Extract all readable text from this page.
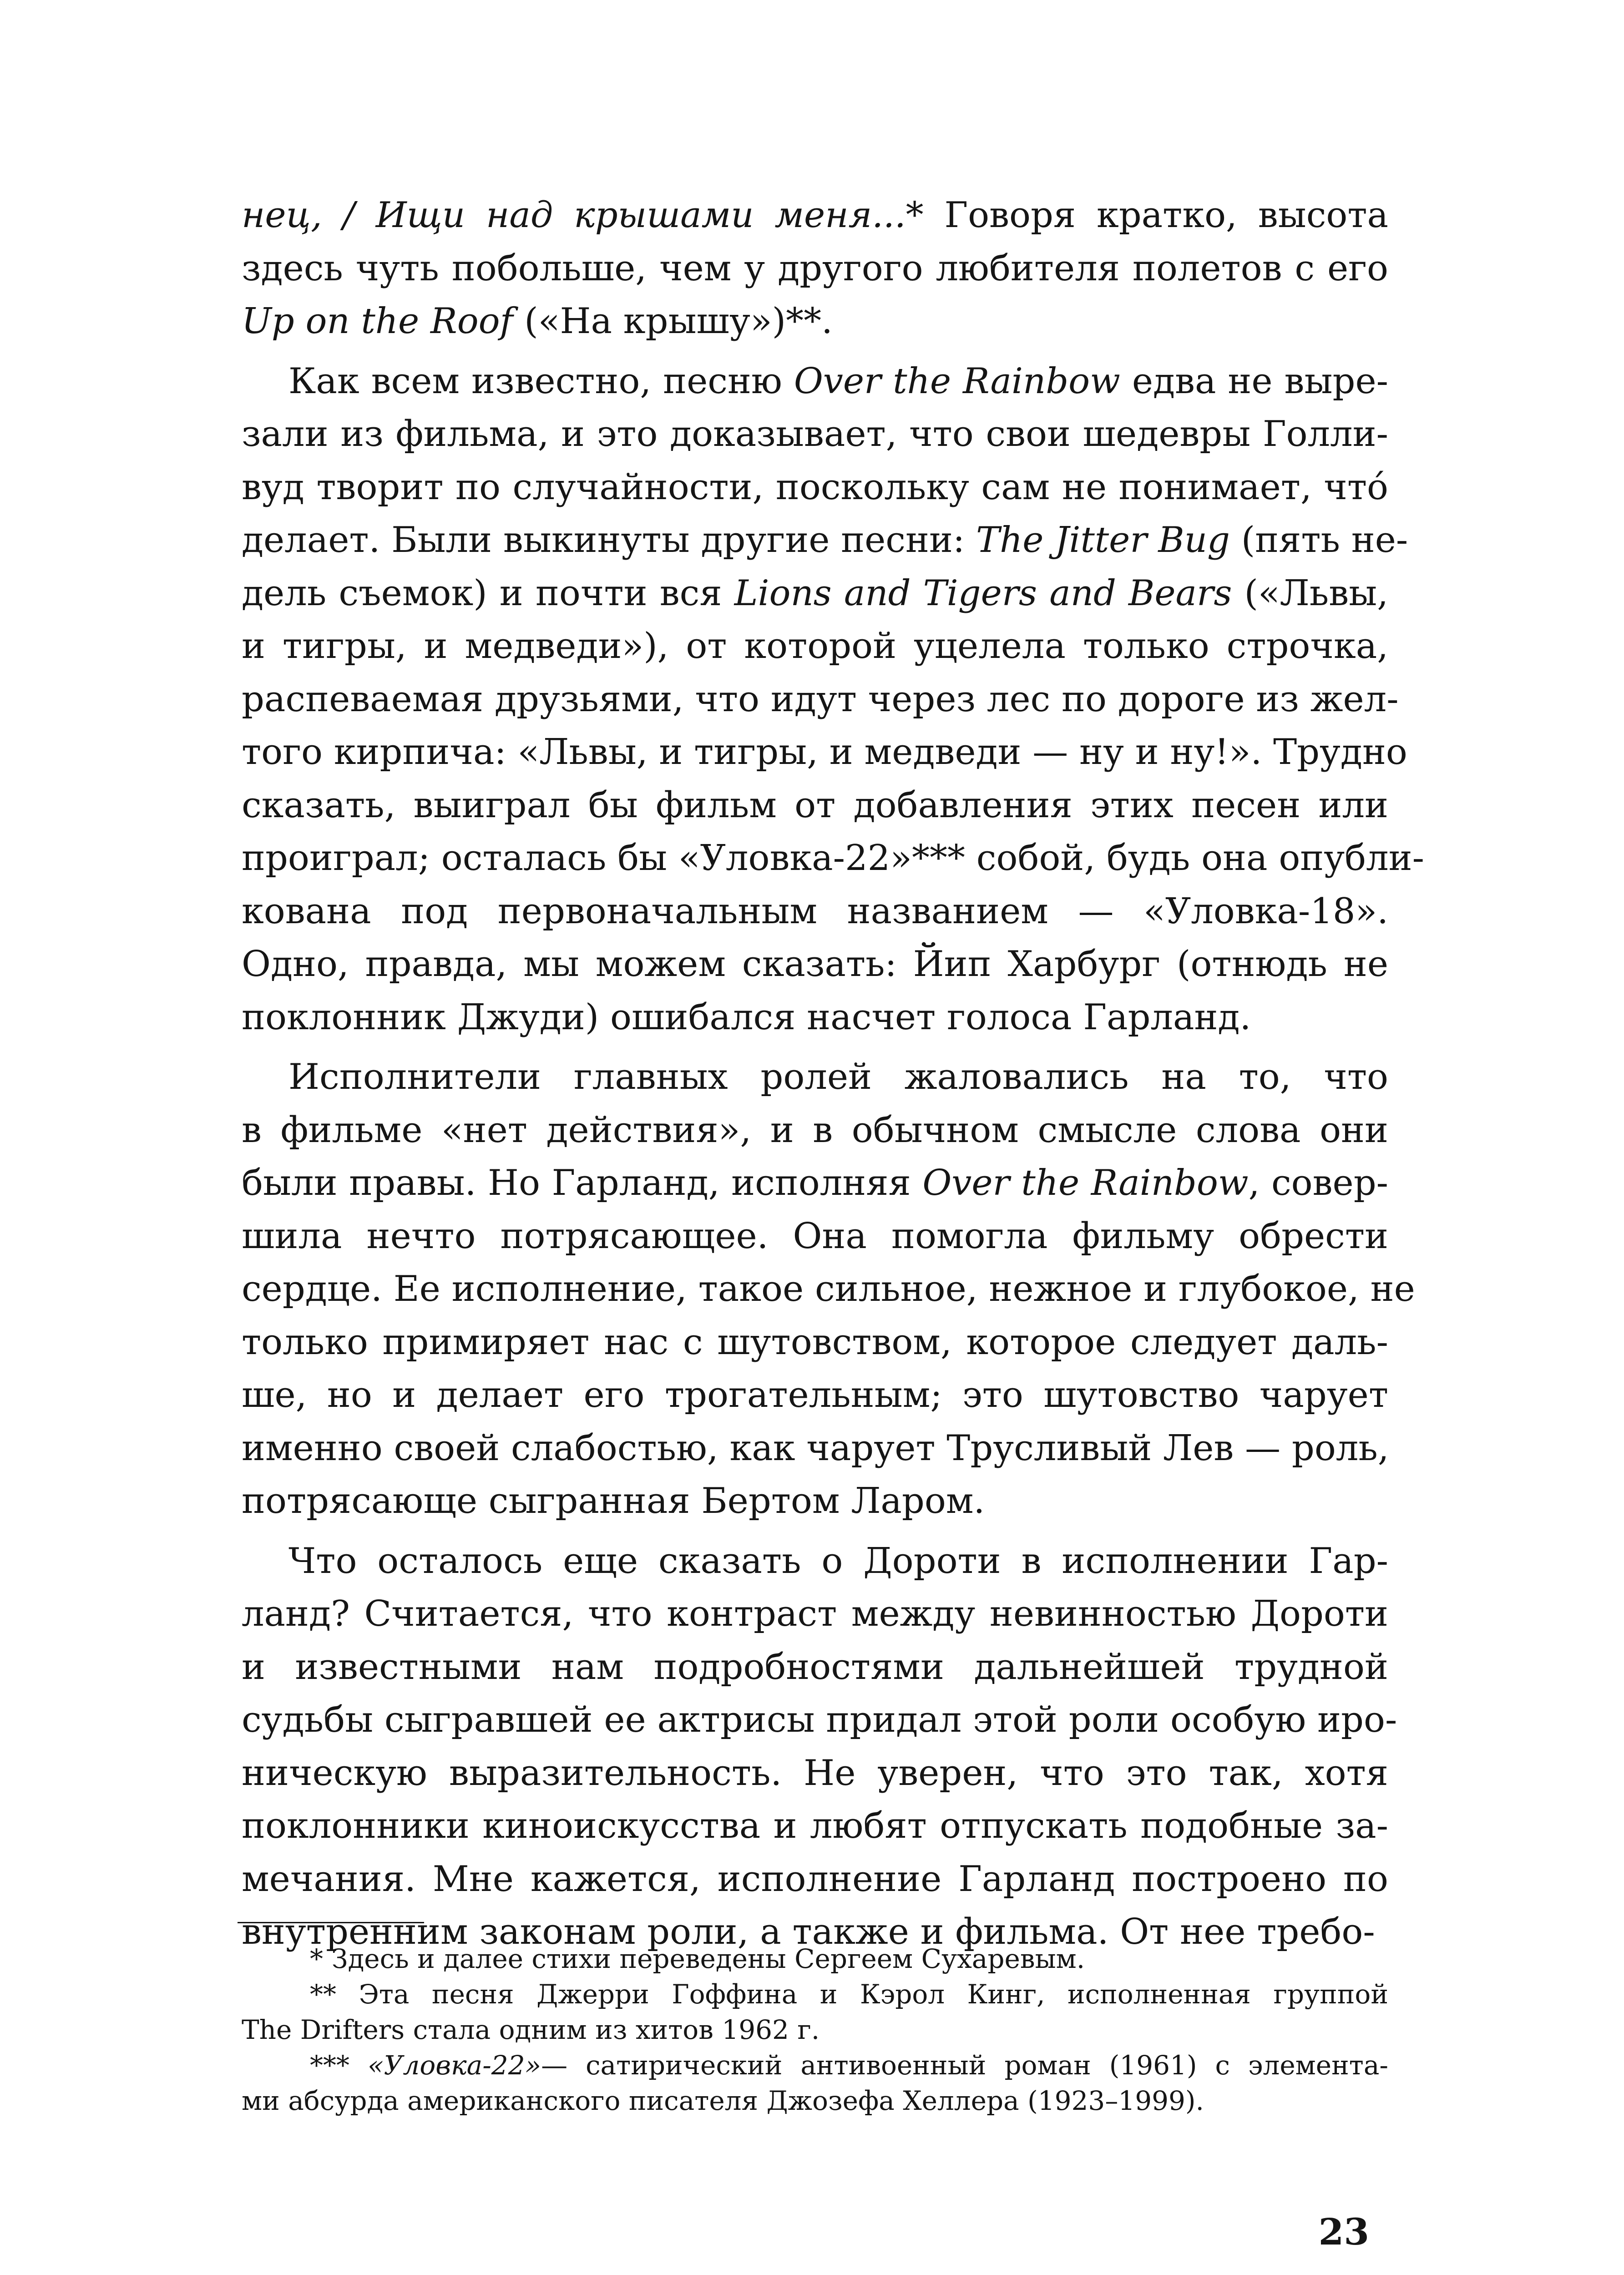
нец, / Ищи над крышами меня...* Говоря кратко, высота
здесь чуть побольше, чем у другого любителя полетов с его
Up on the Roof («На крышу»)**.
Как всем известно, песню Over the Rainbow едва не выре-
зали из фильма, и это доказывает, что свои шедевры Голли-
вуд творит по случайности, поскольку сам не понимает, что́
делает. Были выкинуты другие песни: The Jitter Bug (пять не-
дель съемок) и почти вся Lions and Tigers and Bears («Львы,
и тигры, и медведи»), от которой уцелела только строчка,
распеваемая друзьями, что идут через лес по дороге из жел-
того кирпича: «Львы, и тигры, и медведи — ну и ну!». Трудно
сказать, выиграл бы фильм от добавления этих песен или
проиграл; осталась бы «Уловка-22»*** собой, будь она опубли-
кована под первоначальным названием — «Уловка-18».
Одно, правда, мы можем сказать: Йип Харбург (отнюдь не
поклонник Джуди) ошибался насчет голоса Гарланд.
Исполнители главных ролей жаловались на то, что
в фильме «нет действия», и в обычном смысле слова они
были правы. Но Гарланд, исполняя Over the Rainbow, совер-
шила нечто потрясающее. Она помогла фильму обрести
сердце. Ее исполнение, такое сильное, нежное и глубокое, не
только примиряет нас с шутовством, которое следует даль-
ше, но и делает его трогательным; это шутовство чарует
именно своей слабостью, как чарует Трусливый Лев — роль,
потрясающе сыгранная Бертом Ларом.
Что осталось еще сказать о Дороти в исполнении Гар-
ланд? Считается, что контраст между невинностью Дороти
и известными нам подробностями дальнейшей трудной
судьбы сыгравшей ее актрисы придал этой роли особую иро-
ническую выразительность. Не уверен, что это так, хотя
поклонники киноискусства и любят отпускать подобные за-
мечания. Мне кажется, исполнение Гарланд построено по
внутренним законам роли, а также и фильма. От нее требо-
* Здесь и далее стихи переведены Сергеем Сухаревым.
** Эта песня Джерри Гоффина и Кэрол Кинг, исполненная группой
The Drifters стала одним из хитов 1962 г.
*** «Уловка-22»— сатирический антивоенный роман (1961) с элемента-
ми абсурда американского писателя Джозефа Хеллера (1923–1999).
23
